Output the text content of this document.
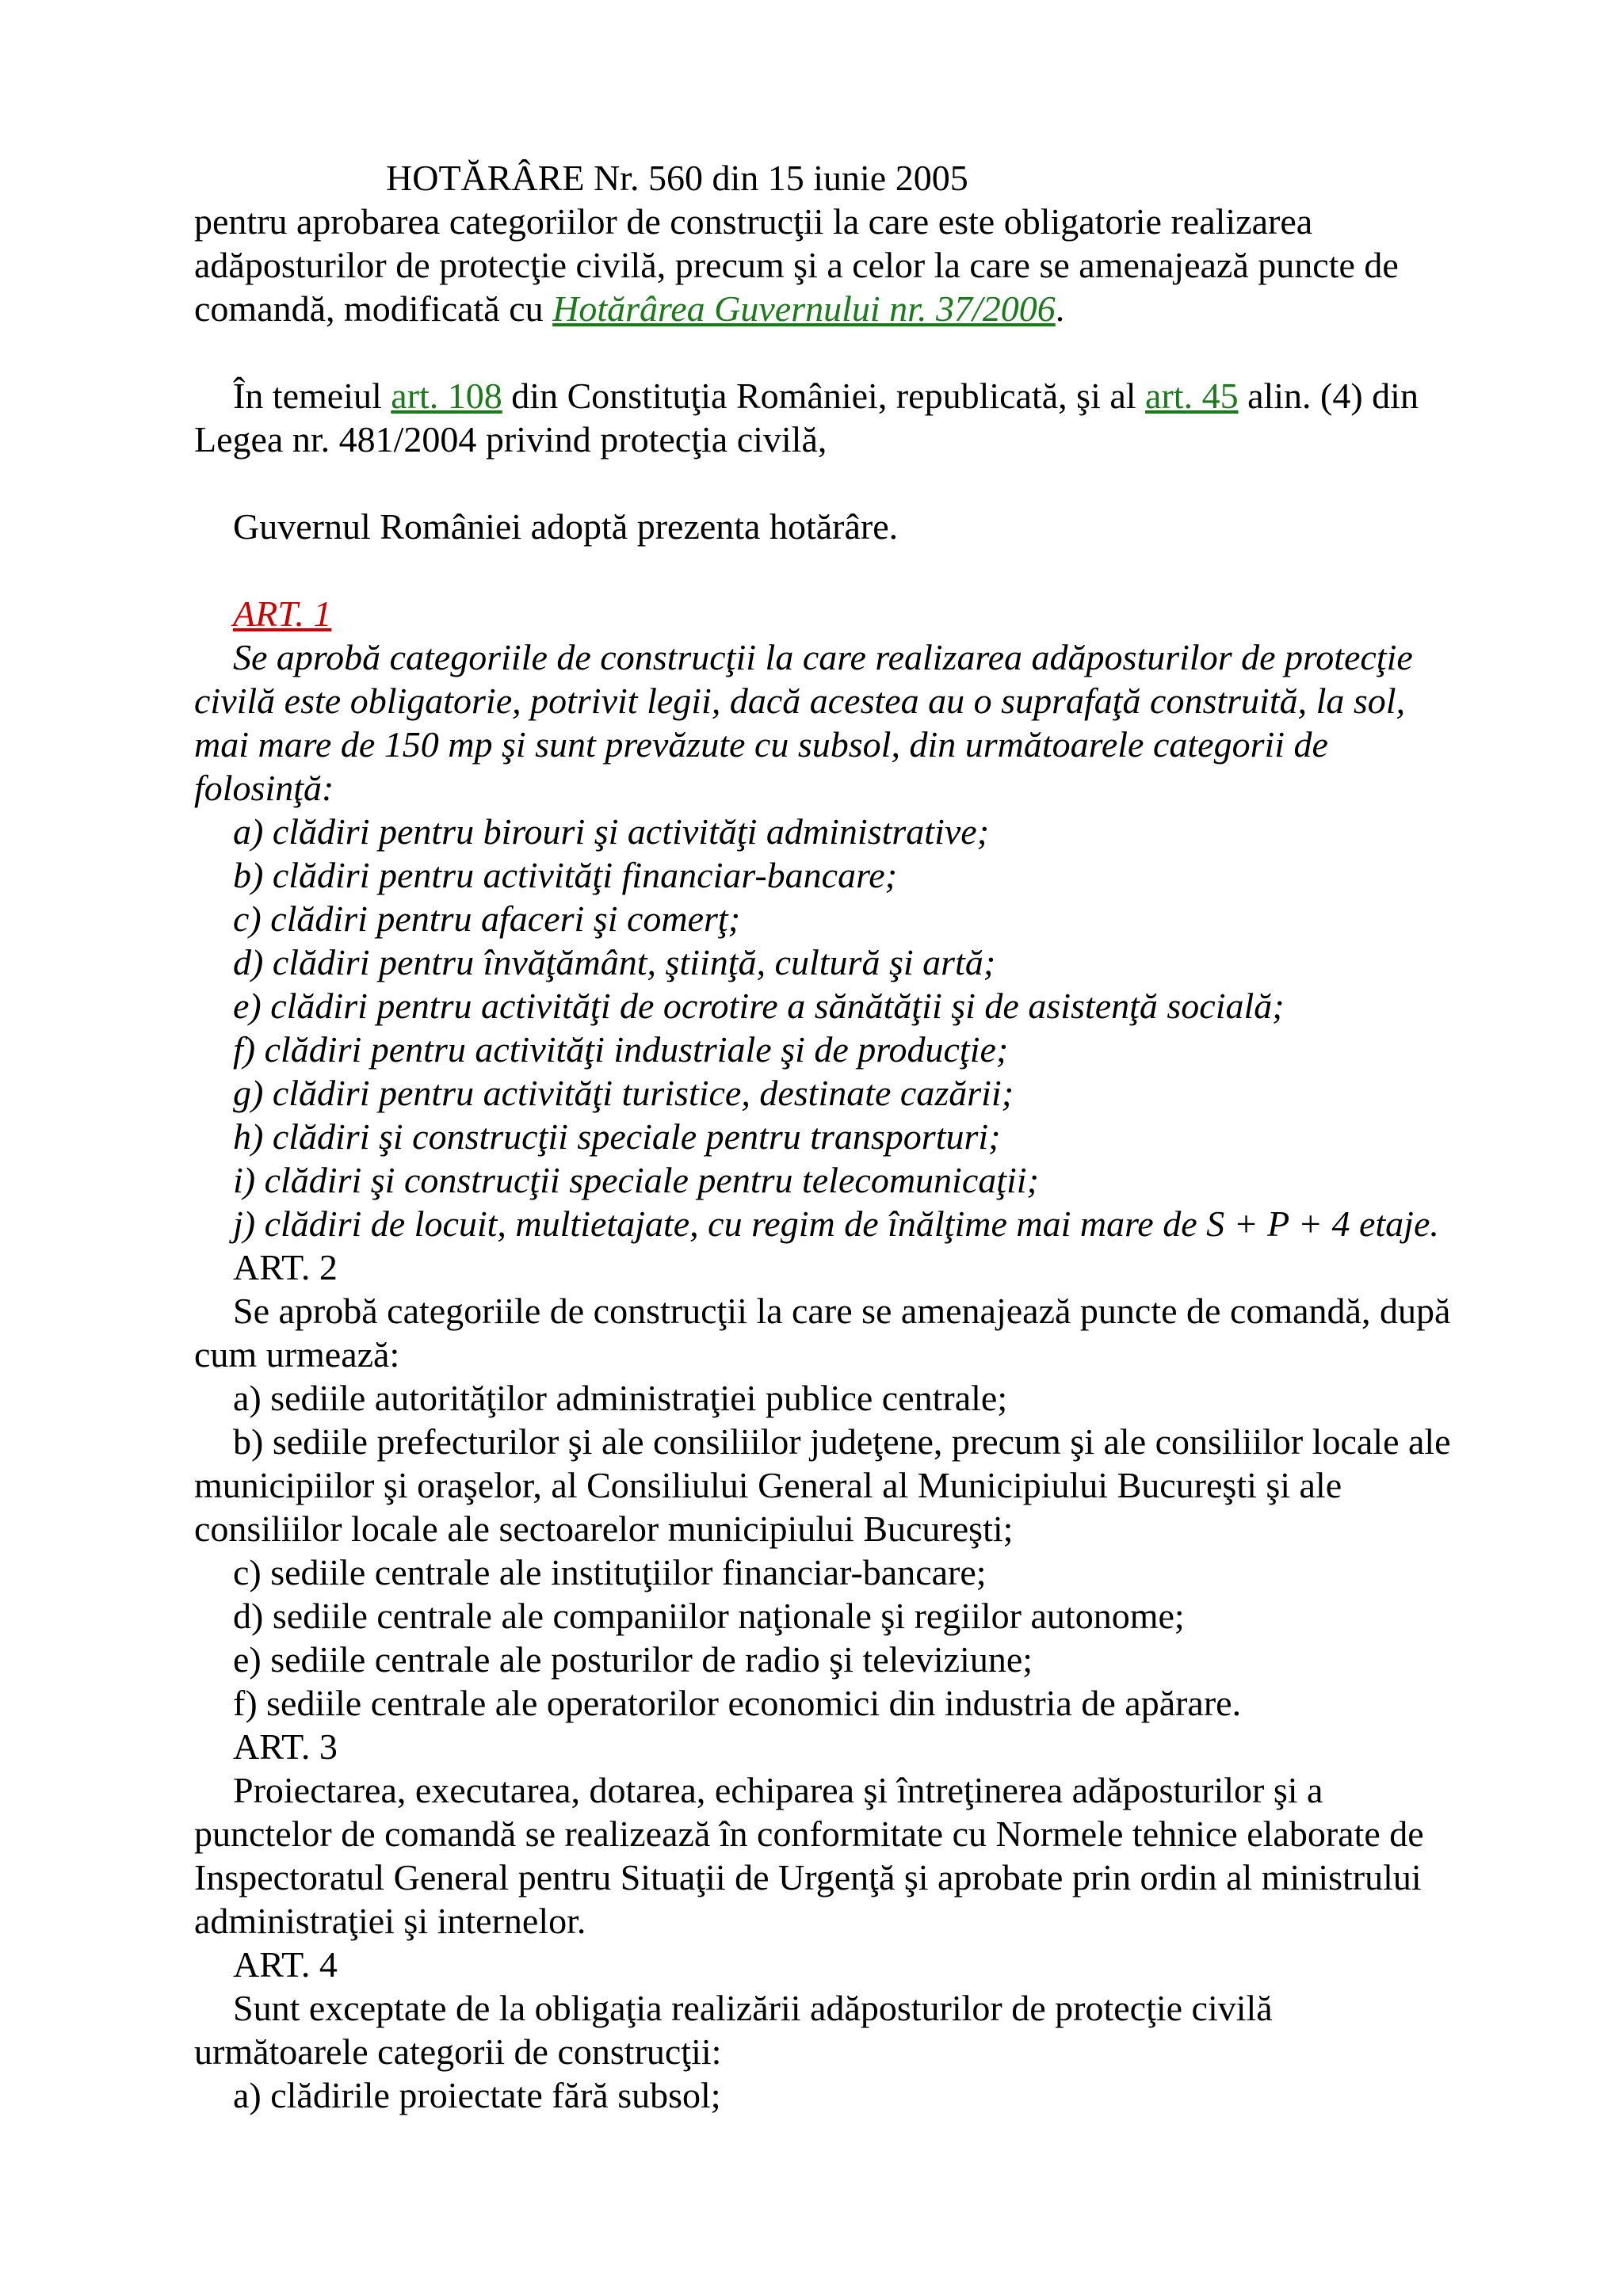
HOTĂRÂRE Nr. 560 din 15 iunie 2005
pentru aprobarea categoriilor de construcţii la care este obligatorie realizarea
adăposturilor de protecţie civilă, precum şi a celor la care se amenajează puncte de
comandă, modificată cu Hotărârea Guvernului nr. 37/2006.
În temeiul art. 108 din Constituţia României, republicată, şi al art. 45 alin. (4) din
Legea nr. 481/2004 privind protecţia civilă,
Guvernul României adoptă prezenta hotărâre.
ART. 1
Se aprobă categoriile de construcţii la care realizarea adăposturilor de protecţie
civilă este obligatorie, potrivit legii, dacă acestea au o suprafaţă construită, la sol,
mai mare de 150 mp şi sunt prevăzute cu subsol, din următoarele categorii de
folosinţă:
a) clădiri pentru birouri şi activităţi administrative;
b) clădiri pentru activităţi financiar-bancare;
c) clădiri pentru afaceri şi comerţ;
d) clădiri pentru învăţământ, ştiinţă, cultură şi artă;
e) clădiri pentru activităţi de ocrotire a sănătăţii şi de asistenţă socială;
f) clădiri pentru activităţi industriale şi de producţie;
g) clădiri pentru activităţi turistice, destinate cazării;
h) clădiri şi construcţii speciale pentru transporturi;
i) clădiri şi construcţii speciale pentru telecomunicaţii;
j) clădiri de locuit, multietajate, cu regim de înălţime mai mare de S + P + 4 etaje.
ART. 2
Se aprobă categoriile de construcţii la care se amenajează puncte de comandă, după
cum urmează:
a) sediile autorităţilor administraţiei publice centrale;
b) sediile prefecturilor şi ale consiliilor judeţene, precum şi ale consiliilor locale ale
municipiilor şi oraşelor, al Consiliului General al Municipiului Bucureşti şi ale
consiliilor locale ale sectoarelor municipiului Bucureşti;
c) sediile centrale ale instituţiilor financiar-bancare;
d) sediile centrale ale companiilor naţionale şi regiilor autonome;
e) sediile centrale ale posturilor de radio şi televiziune;
f) sediile centrale ale operatorilor economici din industria de apărare.
ART. 3
Proiectarea, executarea, dotarea, echiparea şi întreţinerea adăposturilor şi a
punctelor de comandă se realizează în conformitate cu Normele tehnice elaborate de
Inspectoratul General pentru Situaţii de Urgenţă şi aprobate prin ordin al ministrului
administraţiei şi internelor.
ART. 4
Sunt exceptate de la obligaţia realizării adăposturilor de protecţie civilă
următoarele categorii de construcţii:
a) clădirile proiectate fără subsol;
